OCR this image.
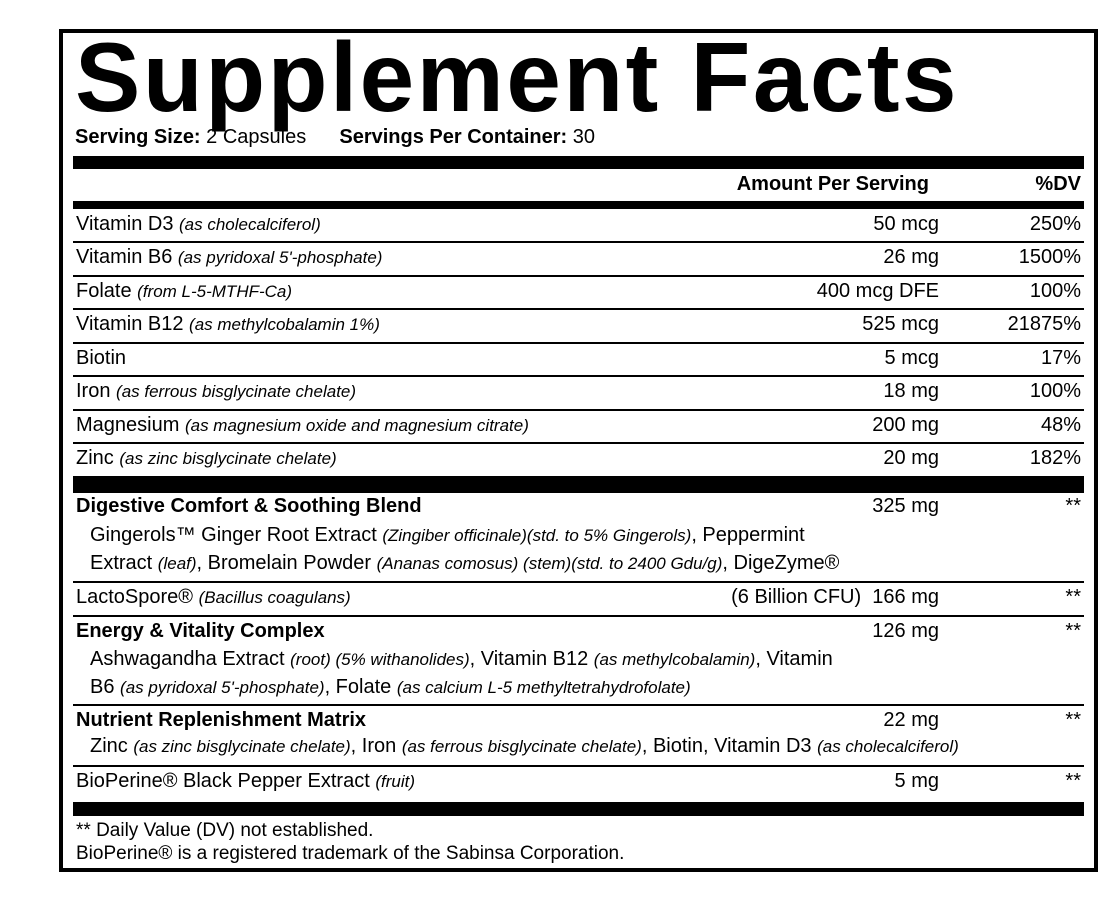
Supplement Facts
Serving Size: 2 Capsules Servings Per Container: 30
Amount Per Serving	%DV
Vitamin D3 (as cholecalciferol)	50 mcg	250%
Vitamin B6 (as pyridoxal 5'-phosphate)	26 mg	1500%
Folate (from L-5-MTHF-Ca)	400 mcg DFE	100%
Vitamin B12 (as methylcobalamin 1%)	525 mcg	21875%
Biotin	5 mcg	17%
Iron (as ferrous bisglycinate chelate)	18 mg	100%
Magnesium (as magnesium oxide and magnesium citrate)	200 mg	48%
Zinc (as zinc bisglycinate chelate)	20 mg	182%
Digestive Comfort & Soothing Blend	325 mg	**
Gingerols™ Ginger Root Extract (Zingiber officinale)(std. to 5% Gingerols), Peppermint
Extract (leaf), Bromelain Powder (Ananas comosus) (stem)(std. to 2400 Gdu/g), DigeZyme®
LactoSpore® (Bacillus coagulans)	(6 Billion CFU) 166 mg	**
Energy & Vitality Complex	126 mg	**
Ashwagandha Extract (root) (5% withanolides), Vitamin B12 (as methylcobalamin), Vitamin
B6 (as pyridoxal 5'-phosphate), Folate (as calcium L-5 methyltetrahydrofolate)
Nutrient Replenishment Matrix	22 mg	**
Zinc (as zinc bisglycinate chelate), Iron (as ferrous bisglycinate chelate), Biotin, Vitamin D3 (as cholecalciferol)
BioPerine® Black Pepper Extract (fruit)	5 mg	**
** Daily Value (DV) not established.
BioPerine® is a registered trademark of the Sabinsa Corporation.
